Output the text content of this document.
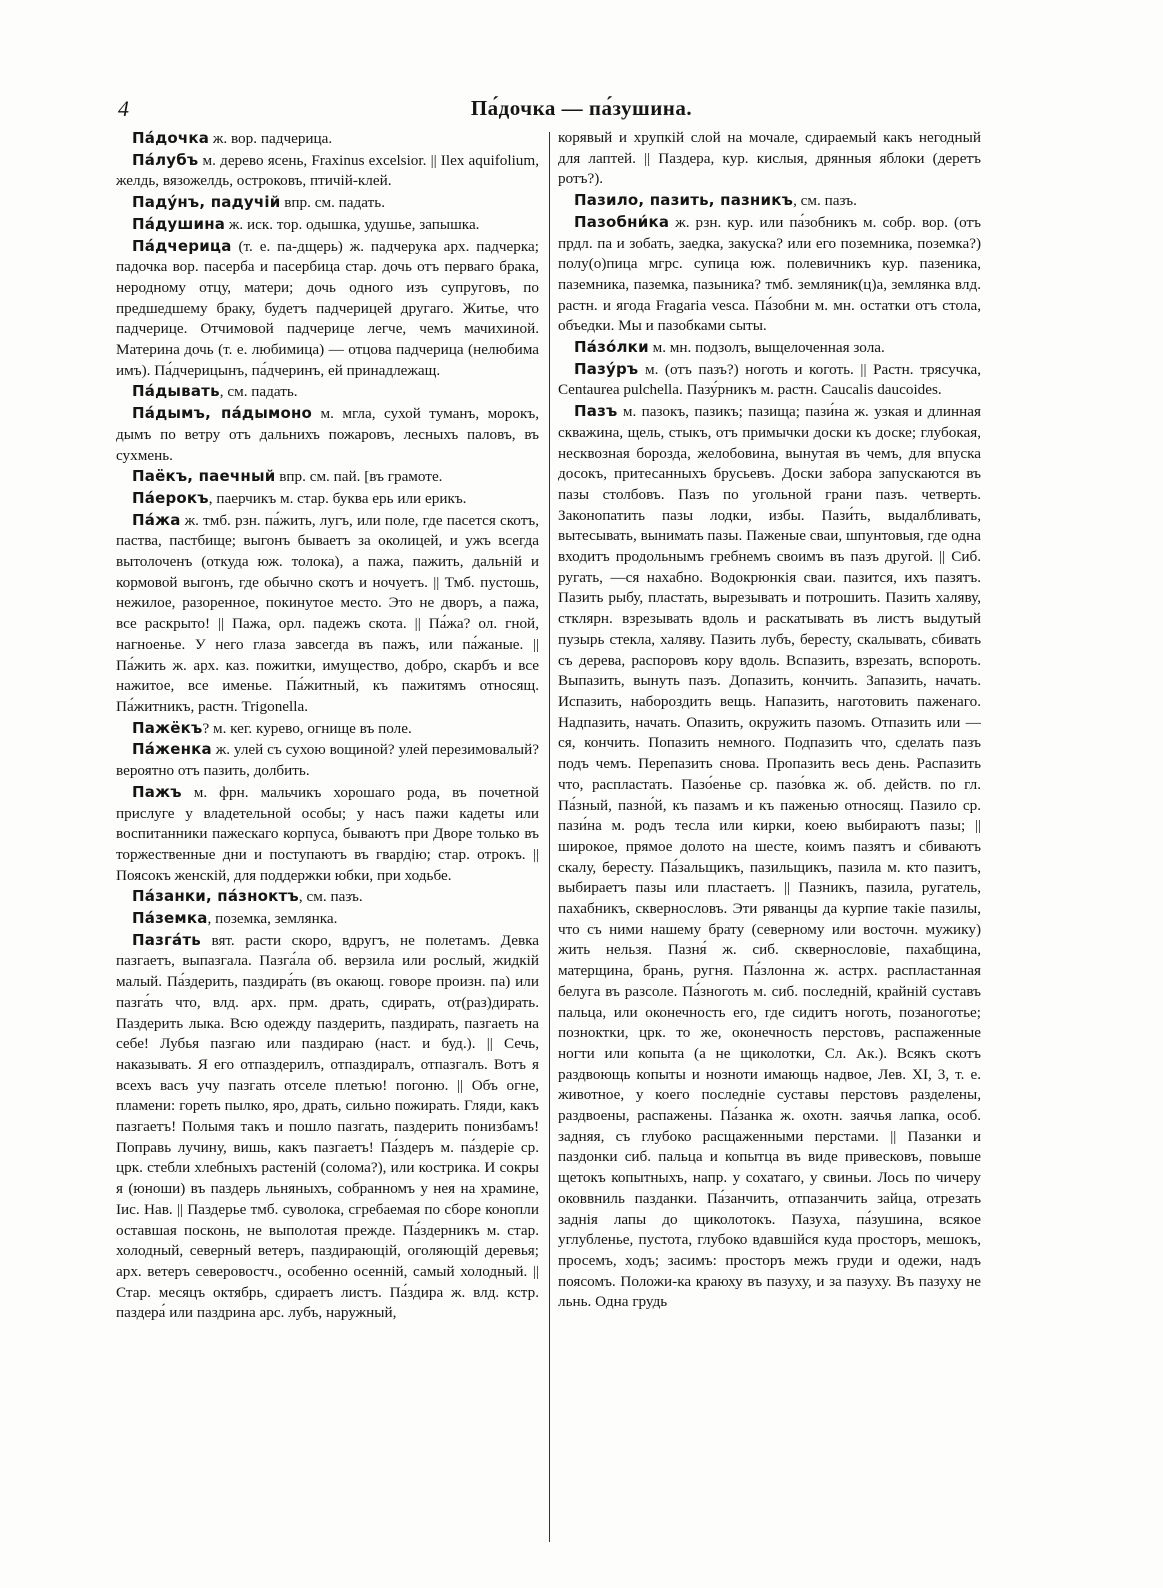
4	Па́дочка — па́зушина.

Па́дочка ж. вор. падчерица.

Па́лубъ м. дерево ясень, Fraxinus excelsior. || Ilex aquifolium, желдь, вязожелдь, остроковъ, птичій-клей.

Паду́нъ, падучій впр. см. падать.

Па́душина ж. иск. тор. одышка, удушье, запышка.

Па́дчерица (т. е. па-дщерь) ж. падчерука арх. падчерка; падочка вор. пасерба и пасербица стар. дочь отъ перваго брака, неродному отцу, матери; дочь одного изъ супруговъ, по предшедшему браку, будетъ падчерицей другаго. Житье, что падчерице. Отчимовой падчерице легче, чемъ мачихиной. Материна дочь (т. е. любимица) — отцова падчерица (нелюбима имъ). Па́дчерицынъ, па́дчеринъ, ей принадлежащ.

Па́дывать, см. падать.

Па́дымъ, па́дымоно м. мгла, сухой туманъ, морокъ, дымъ по ветру отъ дальнихъ пожаровъ, лесныхъ паловъ, въ сухмень.

Паёкъ, паечный впр. см. пай. [въ грамоте.

Па́ерокъ, паерчикъ м. стар. буква ерь или ерикъ.

Па́жа ж. тмб. рзн. па́жить, лугъ, или поле, где пасется скотъ, паства, пастбище; выгонъ бываетъ за околицей, и ужъ всегда вытолоченъ (откуда юж. толока), а пажа, пажить, дальній и кормовой выгонъ, где обычно скотъ и ночуетъ. || Тмб. пустошь, нежилое, разоренное, покинутое место. Это не дворъ, а пажа, все раскрыто! || Пажа, орл. падежъ скота. || Па́жа? ол. гной, нагноенье. У него глаза завсегда въ пажъ, или па́жаные. || Па́жить ж. арх. каз. пожитки, имущество, добро, скарбъ и все нажитое, все именье. Па́житный, къ пажитямъ относящ. Па́житникъ, растн. Trigonella.

Пажёкъ? м. кег. курево, огнище въ поле.

Па́женка ж. улей съ сухою вощиной? улей перезимовалый? вероятно отъ пазить, долбить.

Пажъ м. фрн. мальчикъ хорошаго рода, въ почетной прислуге у владетельной особы; у насъ пажи кадеты или воспитанники пажескаго корпуса, бываютъ при Дворе только въ торжественные дни и поступаютъ въ гвардію; стар. отрокъ. || Поясокъ женскій, для поддержки юбки, при ходьбе.

Па́занки, па́зноктъ, см. пазъ.

Па́земка, поземка, землянка.

Пазга́ть вят. расти скоро, вдругъ, не полетамъ. Девка пазгаетъ, выпазгала. Пазга́ла об. верзила или рослый, жидкій малый. Па́здерить, паздира́ть (въ окающ. говоре произн. па) или пазга́ть что, влд. арх. прм. драть, сдирать, от(раз)дирать. Паздерить лыка. Всю одежду паздерить, паздирать, пазгаеть на себе! Лубья пазгаю или паздираю (наст. и буд.). || Сечь, наказывать. Я его отпаздерилъ, отпаздиралъ, отпазгалъ. Вотъ я всехъ васъ учу пазгать отселе плетью! погоню. || Объ огне, пламени: гореть пылко, яро, драть, сильно пожирать. Гляди, какъ пазгаетъ! Полымя такъ и пошло пазгать, паздерить понизбамъ! Поправь лучину, вишь, какъ пазгаетъ! Па́здеръ м. па́здеріе ср. црк. стебли хлебныхъ растеній (солома?), или кострика. И сокры я (юноши) въ паздерь льняныхъ, собранномъ у нея на храмине, Іис. Нав. || Паздерье тмб. суволока, сгребаемая по сборе конопли оставшая посконь, не выполотая прежде. Па́здерникъ м. стар. холодный, северный ветеръ, паздирающій, оголяющій деревья; арх. ветеръ северовостч., особенно осенній, самый холодный. || Стар. месяцъ октябрь, сдираетъ листъ. Па́здира ж. влд. кстр. паздера́ или паздрина арс. лубъ, наружный,

корявый и хрупкій слой на мочале, сдираемый какъ негодный для лаптей. || Паздера, кур. кислыя, дрянныя яблоки (деретъ ротъ?).

Пазило, пазить, пазникъ, см. пазъ.

Пазобни́ка ж. рзн. кур. или па́зобникъ м. собр. вор. (отъ прдл. па и зобать, заедка, закуска? или его поземника, поземка?) полу(о)пица мгрс. супица юж. полевичникъ кур. пазеника, паземника, паземка, пазыника? тмб. земляник(ц)а, землянка влд. растн. и ягода Fragaria vesca. Па́зобни м. мн. остатки отъ стола, объедки. Мы и пазобками сыты.

Па́зо́лки м. мн. подзолъ, выщелоченная зола.

Пазу́ръ м. (отъ пазъ?) ноготь и коготь. || Растн. трясучка, Centaurea pulchella. Пазу́рникъ м. растн. Caucalis daucoides.

Пазъ м. пазокъ, пазикъ; пазища; пази́на ж. узкая и длинная скважина, щель, стыкъ, отъ примычки доски къ доске; глубокая, несквозная борозда, желобовина, вынутая въ чемъ, для впуска досокъ, притесанныхъ брусьевъ. Доски забора запускаются въ пазы столбовъ. Пазъ по угольной грани пазъ. четверть. Законопатить пазы лодки, избы. Пази́ть, выдалбливать, вытесывать, вынимать пазы. Паженые сваи, шпунтовыя, где одна входитъ продольнымъ гребнемъ своимъ въ пазъ другой. || Сиб. ругать, —ся нахабно. Водокрюнкія сваи. пазится, ихъ пазятъ. Пазить рыбу, пластать, вырезывать и потрошить. Пазить халяву, стклярн. взрезывать вдоль и раскатывать въ листъ выдутый пузырь стекла, халяву. Пазить лубъ, бересту, скалывать, сбивать съ дерева, распоровъ кору вдоль. Вспазить, взрезать, вспороть. Выпазить, вынуть пазъ. Допазить, кончить. Запазить, начать. Испазить, набороздить вещь. Напазить, наготовить паженаго. Надпазить, начать. Опазить, окружить пазомъ. Отпазить или —ся, кончить. Попазить немного. Подпазить что, сделать пазъ подъ чемъ. Перепазить снова. Пропазить весь день. Распазить что, распластать. Пазо́енье ср. пазо́вка ж. об. действ. по гл. Па́зный, пазно́й, къ пазамъ и къ паженью относящ. Пазило ср. пази́на м. родъ тесла или кирки, коею выбираютъ пазы; || широкое, прямое долото на шесте, коимъ пазятъ и сбиваютъ скалу, бересту. Па́зальщикъ, пазильщикъ, пазила м. кто пазитъ, выбираетъ пазы или пластаетъ. || Пазникъ, пазила, ругатель, пахабникъ, сквернословъ. Эти ряванцы да курпие такіе пазилы, что съ ними нашему брату (северному или восточн. мужику) жить нельзя. Пазня́ ж. сиб. сквернословіе, пахабщина, матерщина, брань, ругня. Па́злонна ж. астрх. распластанная белуга въ разсоле. Па́зноготь м. сиб. последній, крайній суставъ пальца, или оконечность его, где сидитъ ноготь, позаноготье; позноктки, црк. то же, оконечность перстовъ, распаженные ногти или копыта (а не щиколотки, Сл. Ак.). Всякъ скотъ раздвоющь копыты и нозноти имающь надвое, Лев. XI, 3, т. е. животное, у коего последніе суставы перстовъ разделены, раздвоены, распажены. Па́занка ж. охотн. заячья лапка, особ. задняя, съ глубоко расщаженными перстами. || Пазанки и паздонки сиб. пальца и копытца въ виде привесковъ, повыше щетокъ копытныхъ, напр. у сохатаго, у свиньи. Лось по чичеру оковвниль пазданки. Па́занчить, отпазанчить зайца, отрезать заднія лапы до щиколотокъ. Пазуха, па́зушина, всякое углубленье, пустота, глубоко вдавшійся куда просторъ, мешокъ, просемъ, ходъ; засимъ: просторъ межъ груди и одежи, надъ поясомъ. Положи-ка краюху въ пазуху, и за пазуху. Въ пазуху не льнь. Одна грудь
